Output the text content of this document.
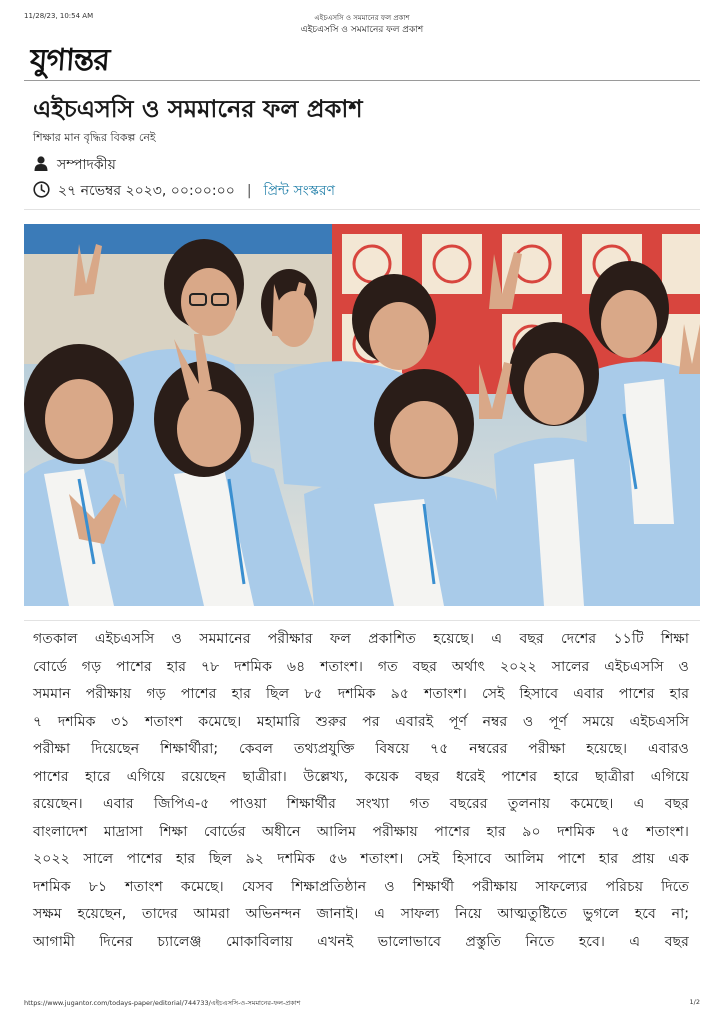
11/28/23, 10:54 AM	এইচএসসি ও সমমানের ফল প্রকাশ
এইচএসসি ও সমমানের ফল প্রকাশ
যুগান্তর
এইচএসসি ও সমমানের ফল প্রকাশ
শিক্ষার মান বৃদ্ধির বিকল্প নেই
সম্পাদকীয়
২৭ নভেম্বর ২০২৩, ০০:০০:০০ | প্রিন্ট সংস্করণ
গতকাল এইচএসসি ও সমমানের পরীক্ষার ফল প্রকাশিত হয়েছে। এ বছর দেশের ১১টি শিক্ষা
বোর্ডে গড় পাশের হার ৭৮ দশমিক ৬৪ শতাংশ। গত বছর অর্থাৎ ২০২২ সালের এইচএসসি ও
সমমান পরীক্ষায় গড় পাশের হার ছিল ৮৫ দশমিক ৯৫ শতাংশ। সেই হিসাবে এবার পাশের হার
৭ দশমিক ৩১ শতাংশ কমেছে। মহামারি শুরুর পর এবারই পূর্ণ নম্বর ও পূর্ণ সময়ে এইচএসসি
পরীক্ষা দিয়েছেন শিক্ষার্থীরা; কেবল তথ্যপ্রযুক্তি বিষয়ে ৭৫ নম্বরের পরীক্ষা হয়েছে। এবারও
পাশের হারে এগিয়ে রয়েছেন ছাত্রীরা। উল্লেখ্য, কয়েক বছর ধরেই পাশের হারে ছাত্রীরা এগিয়ে
রয়েছেন। এবার জিপিএ-৫ পাওয়া শিক্ষার্থীর সংখ্যা গত বছরের তুলনায় কমেছে। এ বছর
বাংলাদেশ মাদ্রাসা শিক্ষা বোর্ডের অধীনে আলিম পরীক্ষায় পাশের হার ৯০ দশমিক ৭৫ শতাংশ।
২০২২ সালে পাশের হার ছিল ৯২ দশমিক ৫৬ শতাংশ। সেই হিসাবে আলিম পাশে হার প্রায় এক
দশমিক ৮১ শতাংশ কমেছে। যেসব শিক্ষাপ্রতিষ্ঠান ও শিক্ষার্থী পরীক্ষায় সাফল্যের পরিচয় দিতে
সক্ষম হয়েছেন, তাদের আমরা অভিনন্দন জানাই। এ সাফল্য নিয়ে আত্মতুষ্টিতে ভুগলে হবে না;
আগামী দিনের চ্যালেঞ্জ মোকাবিলায় এখনই ভালোভাবে প্রস্তুতি নিতে হবে। এ বছর
https://www.jugantor.com/todays-paper/editorial/744733/এইচএসসি-ও-সমমানের-ফল-প্রকাশ	1/2
